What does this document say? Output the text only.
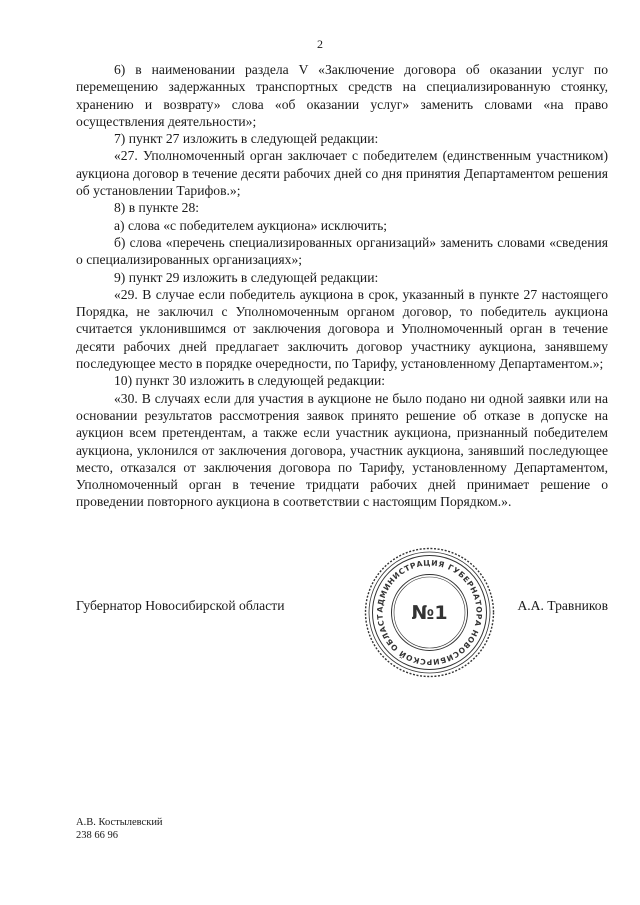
2

6) в наименовании раздела V «Заключение договора об оказании услуг по перемещению задержанных транспортных средств на специализированную стоянку, хранению и возврату» слова «об оказании услуг» заменить словами «на право осуществления деятельности»;

7) пункт 27 изложить в следующей редакции:

«27. Уполномоченный орган заключает с победителем (единственным участником) аукциона договор в течение десяти рабочих дней со дня принятия Департаментом решения об установлении Тарифов.»;

8) в пункте 28:

а) слова «с победителем аукциона» исключить;

б) слова «перечень специализированных организаций» заменить словами «сведения о специализированных организациях»;

9) пункт 29 изложить в следующей редакции:

«29. В случае если победитель аукциона в срок, указанный в пункте 27 настоящего Порядка, не заключил с Уполномоченным органом договор, то победитель аукциона считается уклонившимся от заключения договора и Уполномоченный орган в течение десяти рабочих дней предлагает заключить договор участнику аукциона, занявшему последующее место в порядке очередности, по Тарифу, установленному Департаментом.»;

10) пункт 30 изложить в следующей редакции:

«30. В случаях если для участия в аукционе не было подано ни одной заявки или на основании результатов рассмотрения заявок принято решение об отказе в допуске на аукцион всем претендентам, а также если участник аукциона, признанный победителем аукциона, уклонился от заключения договора, участник аукциона, занявший последующее место, отказался от заключения договора по Тарифу, установленному Департаментом, Уполномоченный орган в течение тридцати рабочих дней принимает решение о проведении повторного аукциона в соответствии с настоящим Порядком.».

Губернатор Новосибирской области	А.А. Травников
АДМИНИСТРАЦИЯ ГУБЕРНАТОРА НОВОСИБИРСКОЙ ОБЛАСТ	№1
А.В. Костылевский
238 66 96
